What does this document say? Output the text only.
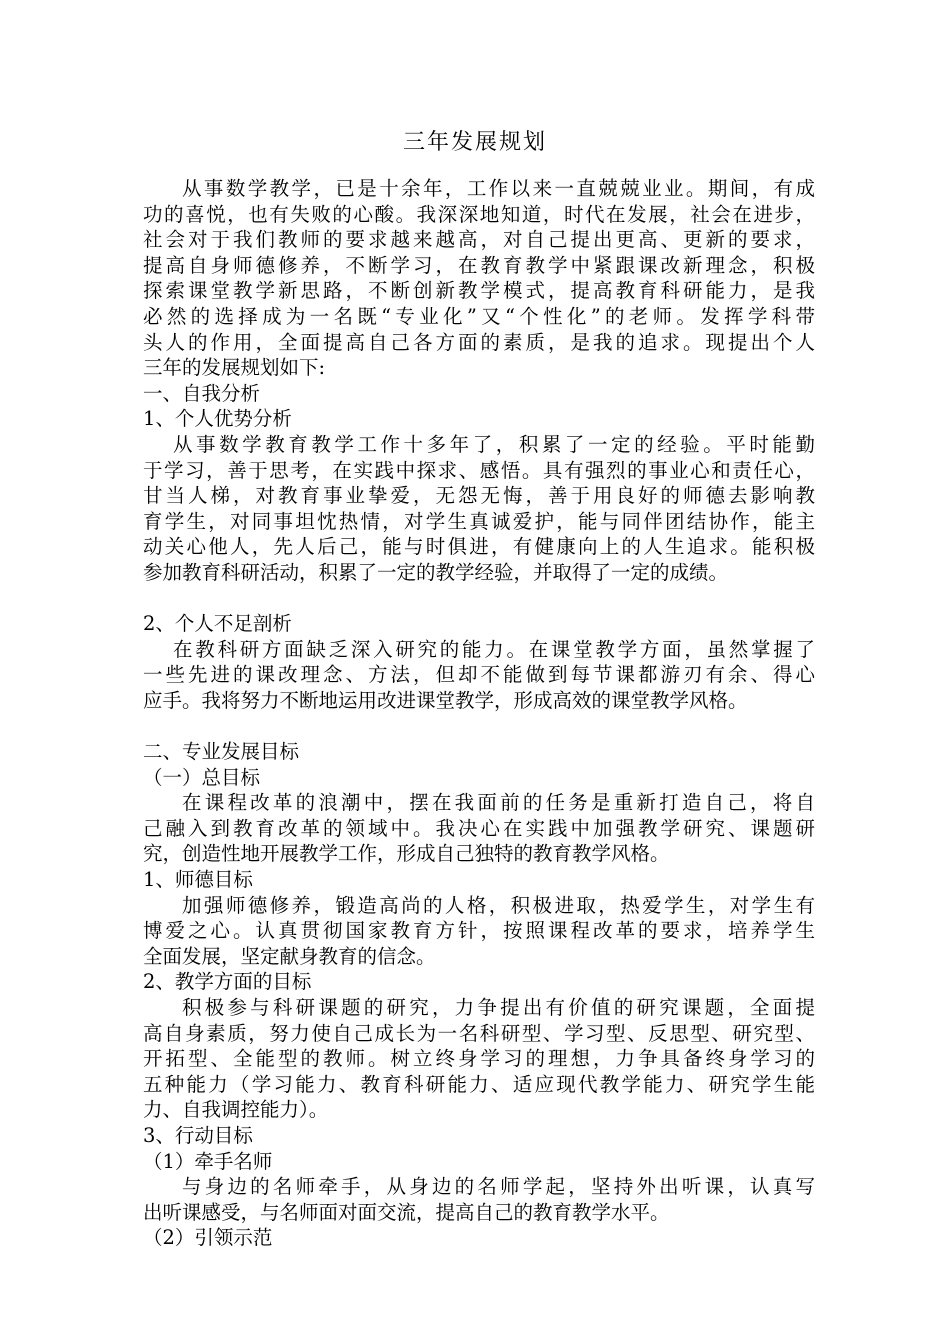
三年发展规划
从事数学教学，已是十余年，工作以来一直兢兢业业。期间，有成
功的喜悦，也有失败的心酸。我深深地知道，时代在发展，社会在进步，
社会对于我们教师的要求越来越高，对自己提出更高、更新的要求，
提高自身师德修养，不断学习，在教育教学中紧跟课改新理念，积极
探索课堂教学新思路，不断创新教学模式，提高教育科研能力，是我
必然的选择成为一名既“专业化”又“个性化”的老师。发挥学科带
头人的作用，全面提高自己各方面的素质，是我的追求。现提出个人
三年的发展规划如下:
一、自我分析
1、个人优势分析
从事数学教育教学工作十多年了，积累了一定的经验。平时能勤
于学习，善于思考，在实践中探求、感悟。具有强烈的事业心和责任心，
甘当人梯，对教育事业挚爱，无怨无悔，善于用良好的师德去影响教
育学生，对同事坦忱热情，对学生真诚爱护，能与同伴团结协作，能主
动关心他人，先人后己，能与时俱进，有健康向上的人生追求。能积极
参加教育科研活动，积累了一定的教学经验，并取得了一定的成绩。
2、个人不足剖析
在教科研方面缺乏深入研究的能力。在课堂教学方面，虽然掌握了
一些先进的课改理念、方法，但却不能做到每节课都游刃有余、得心
应手。我将努力不断地运用改进课堂教学，形成高效的课堂教学风格。
二、专业发展目标
（一）总目标
在课程改革的浪潮中，摆在我面前的任务是重新打造自己，将自
己融入到教育改革的领域中。我决心在实践中加强教学研究、课题研
究，创造性地开展教学工作，形成自己独特的教育教学风格。
1、师德目标
加强师德修养，锻造高尚的人格，积极进取，热爱学生，对学生有
博爱之心。认真贯彻国家教育方针，按照课程改革的要求，培养学生
全面发展，坚定献身教育的信念。
2、教学方面的目标
积极参与科研课题的研究，力争提出有价值的研究课题，全面提
高自身素质，努力使自己成长为一名科研型、学习型、反思型、研究型、
开拓型、全能型的教师。树立终身学习的理想，力争具备终身学习的
五种能力（学习能力、教育科研能力、适应现代教学能力、研究学生能
力、自我调控能力）。
3、行动目标
（1）牵手名师
与身边的名师牵手，从身边的名师学起，坚持外出听课，认真写
出听课感受，与名师面对面交流，提高自己的教育教学水平。
（2）引领示范
